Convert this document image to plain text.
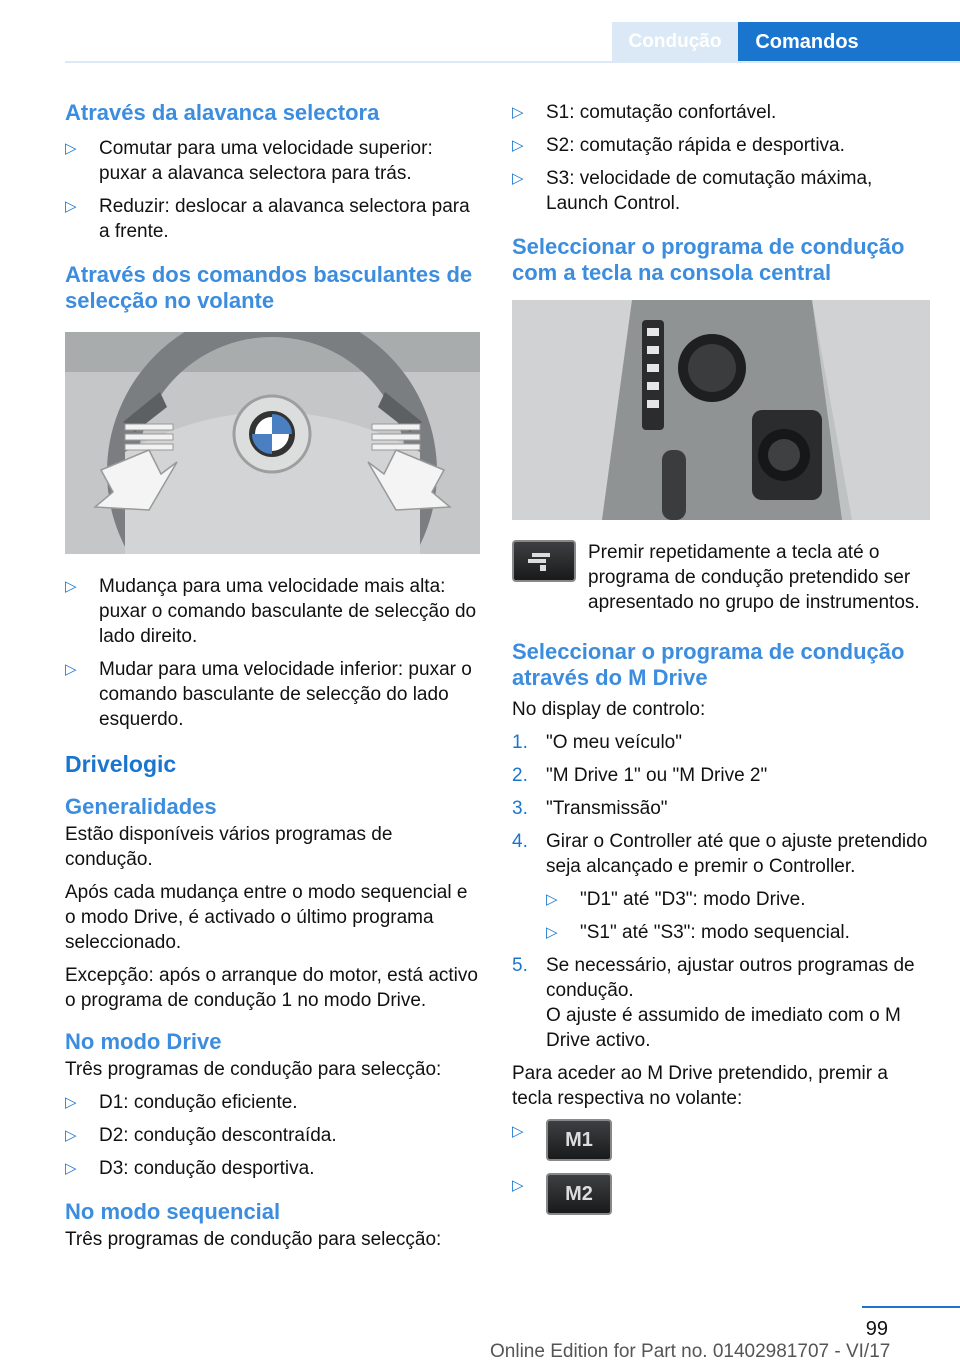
Condução	Comandos
Através da alavanca selectora
▷ Comutar para uma velocidade superior: puxar a alavanca selectora para trás.
▷ Reduzir: deslocar a alavanca selectora para a frente.
Através dos comandos basculantes de selecção no volante
▷ Mudança para uma velocidade mais alta: puxar o comando basculante de selecção do lado direito.
▷ Mudar para uma velocidade inferior: puxar o comando basculante de selecção do lado esquerdo.
Drivelogic
Generalidades

Estão disponíveis vários programas de condução.

Após cada mudança entre o modo sequencial e o modo Drive, é activado o último programa seleccionado.

Excepção: após o arranque do motor, está activo o programa de condução 1 no modo Drive.

No modo Drive

Três programas de condução para selecção:

▷ D1: condução eficiente.
▷ D2: condução descontraída.
▷ D3: condução desportiva.
No modo sequencial

Três programas de condução para selecção:

▷ S1: comutação confortável.
▷ S2: comutação rápida e desportiva.
▷ S3: velocidade de comutação máxima, Launch Control.
Seleccionar o programa de condução com a tecla na consola central

Premir repetidamente a tecla até o programa de condução pretendido ser apresentado no grupo de instrumentos.

Seleccionar o programa de condução através do M Drive

No display de controlo:

1. "O meu veículo"
2. "M Drive 1" ou "M Drive 2"
3. "Transmissão"
4. Girar o Controller até que o ajuste pretendido seja alcançado e premir o Controller.
▷ "D1" até "D3": modo Drive.
▷ "S1" até "S3": modo sequencial.
5. Se necessário, ajustar outros programas de condução.
O ajuste é assumido de imediato com o M Drive activo.

Para aceder ao M Drive pretendido, premir a tecla respectiva no volante:

▷ M1
▷ M2
99
Online Edition for Part no. 01402981707 - VI/17
